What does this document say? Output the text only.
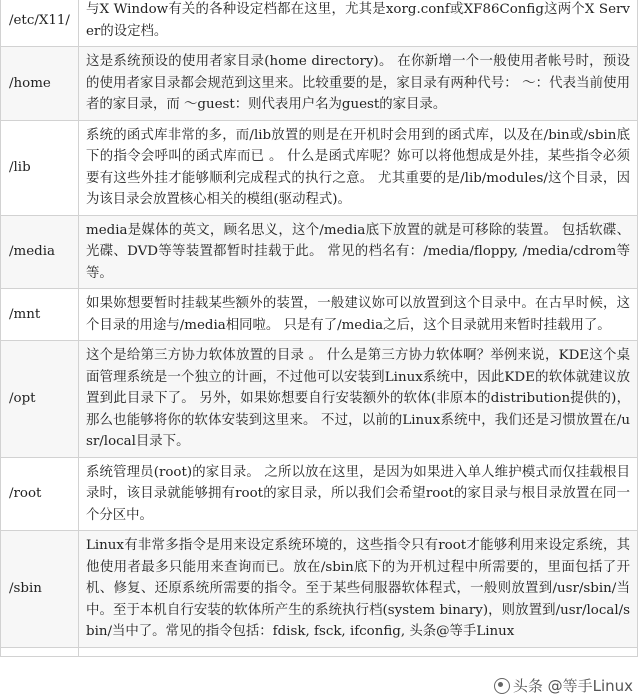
/etc/X11/	与X Window有关的各种设定档都在这里，尤其是xorg.conf或XF86Config这两个X Server的设定档。
/home	这是系统预设的使用者家目录(home directory)。 在你新增一个一般使用者帐号时，预设的使用者家目录都会规范到这里来。比较重要的是，家目录有两种代号： ～：代表当前使用者的家目录，而 ～guest：则代表用户名为guest的家目录。
/lib	系统的函式库非常的多，而/lib放置的则是在开机时会用到的函式库，以及在/bin或/sbin底下的指令会呼叫的函式库而已 。 什么是函式库呢？妳可以将他想成是外挂，某些指令必须要有这些外挂才能够顺利完成程式的执行之意。 尤其重要的是/lib/modules/这个目录，因为该目录会放置核心相关的模组(驱动程式)。
/media	media是媒体的英文，顾名思义，这个/media底下放置的就是可移除的装置。 包括软碟、光碟、DVD等等装置都暂时挂载于此。 常见的档名有：/media/floppy, /media/cdrom等等。
/mnt	如果妳想要暂时挂载某些额外的装置，一般建议妳可以放置到这个目录中。在古早时候，这个目录的用途与/media相同啦。 只是有了/media之后，这个目录就用来暂时挂载用了。
/opt	这个是给第三方协力软体放置的目录 。 什么是第三方协力软体啊？举例来说，KDE这个桌面管理系统是一个独立的计画，不过他可以安装到Linux系统中，因此KDE的软体就建议放置到此目录下了。 另外，如果妳想要自行安装额外的软体(非原本的distribution提供的)，那么也能够将你的软体安装到这里来。 不过，以前的Linux系统中，我们还是习惯放置在/usr/local目录下。
/root	系统管理员(root)的家目录。 之所以放在这里，是因为如果进入单人维护模式而仅挂载根目录时，该目录就能够拥有root的家目录，所以我们会希望root的家目录与根目录放置在同一个分区中。
/sbin	Linux有非常多指令是用来设定系统环境的，这些指令只有root才能够利用来设定系统，其他使用者最多只能用来查询而已。放在/sbin底下的为开机过程中所需要的，里面包括了开机、修复、还原系统所需要的指令。至于某些伺服器软体程式，一般则放置到/usr/sbin/当中。至于本机自行安装的软体所产生的系统执行档(system binary)，则放置到/usr/local/sbin/当中了。常见的指令包括：fdisk, fsck, ifconfig, 头条@等手Linux

头条 @等手Linux
